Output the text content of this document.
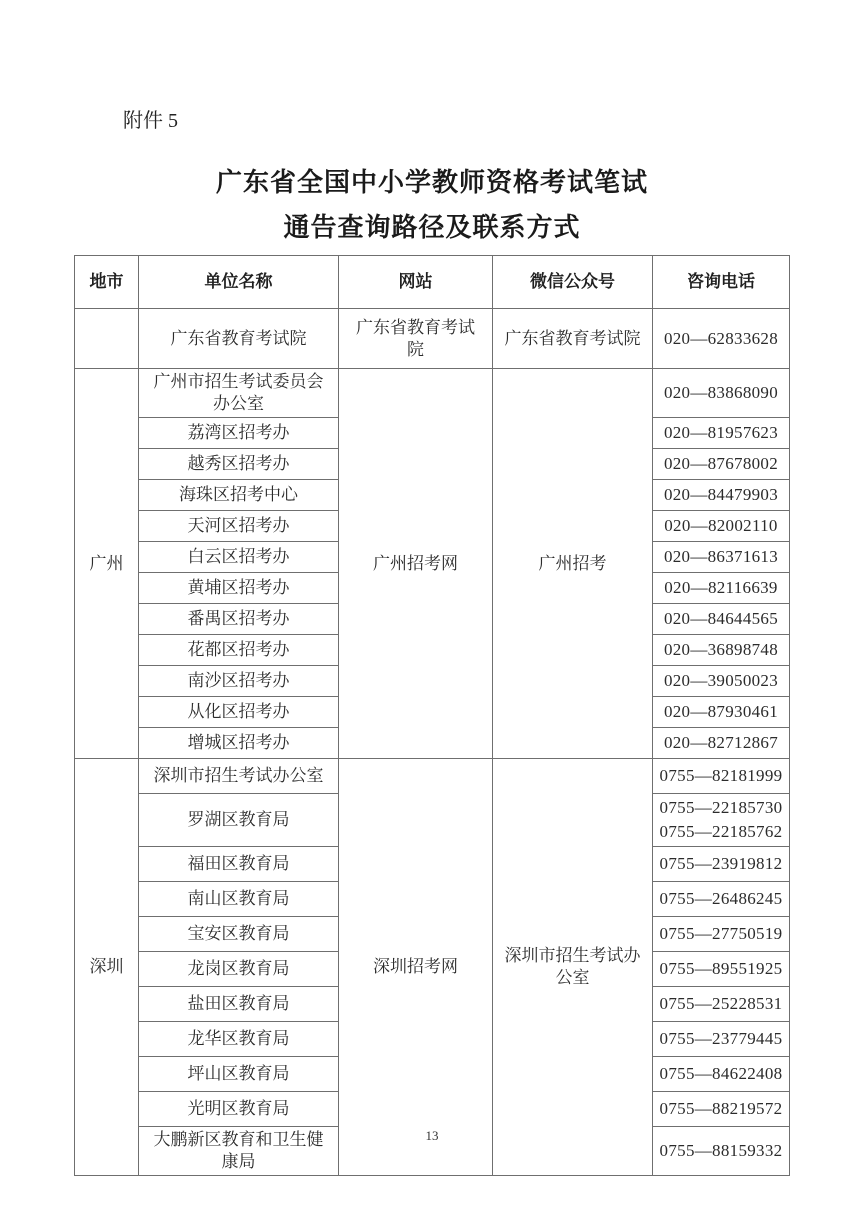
附件 5
广东省全国中小学教师资格考试笔试
通告查询路径及联系方式
地市	单位名称	网站	微信公众号	咨询电话
	广东省教育考试院	广东省教育考试院	广东省教育考试院	020—62833628

广州	广州市招生考试委员会办公室	广州招考网	广州招考	020—83868090

	荔湾区招考办			020—81957623

	越秀区招考办			020—87678002

	海珠区招考中心			020—84479903

	天河区招考办			020—82002110

	白云区招考办			020—86371613

	黄埔区招考办			020—82116639

	番禺区招考办			020—84644565

	花都区招考办			020—36898748

	南沙区招考办			020—39050023

	从化区招考办			020—87930461

	增城区招考办			020—82712867

深圳	深圳市招生考试办公室	深圳招考网	深圳市招生考试办公室	0755—82181999

	罗湖区教育局			0755—22185730
0755—22185762

	福田区教育局			0755—23919812

	南山区教育局			0755—26486245

	宝安区教育局			0755—27750519

	龙岗区教育局			0755—89551925

	盐田区教育局			0755—25228531

	龙华区教育局			0755—23779445

	坪山区教育局			0755—84622408

	光明区教育局			0755—88219572

	大鹏新区教育和卫生健康局			0755—88159332
13
